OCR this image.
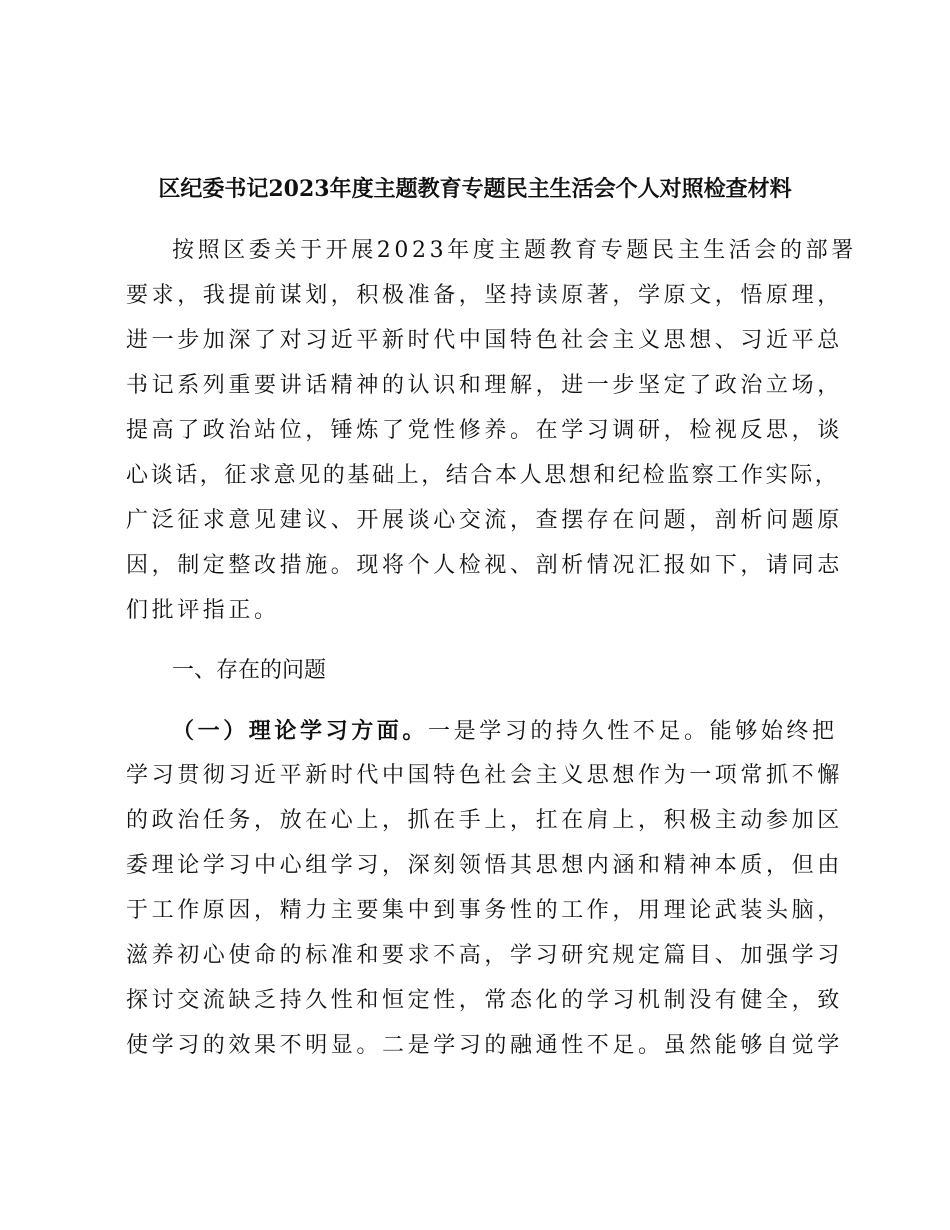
区纪委书记2023年度主题教育专题民主生活会个人对照检查材料
按照区委关于开展2023年度主题教育专题民主生活会的部署
要求，我提前谋划，积极准备，坚持读原著，学原文，悟原理，
进一步加深了对习近平新时代中国特色社会主义思想、习近平总
书记系列重要讲话精神的认识和理解，进一步坚定了政治立场，
提高了政治站位，锤炼了党性修养。在学习调研，检视反思，谈
心谈话，征求意见的基础上，结合本人思想和纪检监察工作实际，
广泛征求意见建议、开展谈心交流，查摆存在问题，剖析问题原
因，制定整改措施。现将个人检视、剖析情况汇报如下，请同志
们批评指正。
一、存在的问题
（一）理论学习方面。一是学习的持久性不足。能够始终把
学习贯彻习近平新时代中国特色社会主义思想作为一项常抓不懈
的政治任务，放在心上，抓在手上，扛在肩上，积极主动参加区
委理论学习中心组学习，深刻领悟其思想内涵和精神本质，但由
于工作原因，精力主要集中到事务性的工作，用理论武装头脑，
滋养初心使命的标准和要求不高，学习研究规定篇目、加强学习
探讨交流缺乏持久性和恒定性，常态化的学习机制没有健全，致
使学习的效果不明显。二是学习的融通性不足。虽然能够自觉学
